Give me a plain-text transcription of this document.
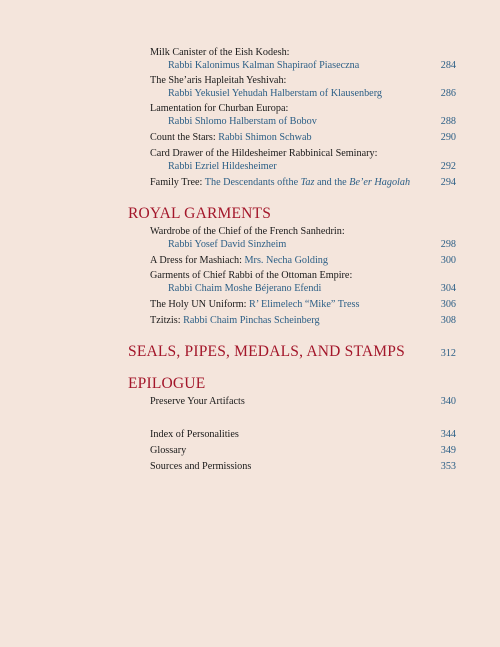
Milk Canister of the Eish Kodesh:
Rabbi Kalonimus Kalman Shapiraof Piaseczna	284
The She’aris Hapleitah Yeshivah:
Rabbi Yekusiel Yehudah Halberstam of Klausenberg	286
Lamentation for Churban Europa:
Rabbi Shlomo Halberstam of Bobov	288
Count the Stars: Rabbi Shimon Schwab	290
Card Drawer of the Hildesheimer Rabbinical Seminary:
Rabbi Ezriel Hildesheimer	292
Family Tree: The Descendants ofthe Taz and the Be’er Hagolah	294
ROYAL GARMENTS
Wardrobe of the Chief of the French Sanhedrin:
Rabbi Yosef David Sinzheim	298
A Dress for Mashiach: Mrs. Necha Golding	300
Garments of Chief Rabbi of the Ottoman Empire:
Rabbi Chaim Moshe Béjerano Efendi	304
The Holy UN Uniform: R’ Elimelech “Mike” Tress	306
Tzitzis: Rabbi Chaim Pinchas Scheinberg	308
SEALS, PIPES, MEDALS, AND STAMPS	312
EPILOGUE
Preserve Your Artifacts	340
Index of Personalities	344
Glossary	349
Sources and Permissions	353
